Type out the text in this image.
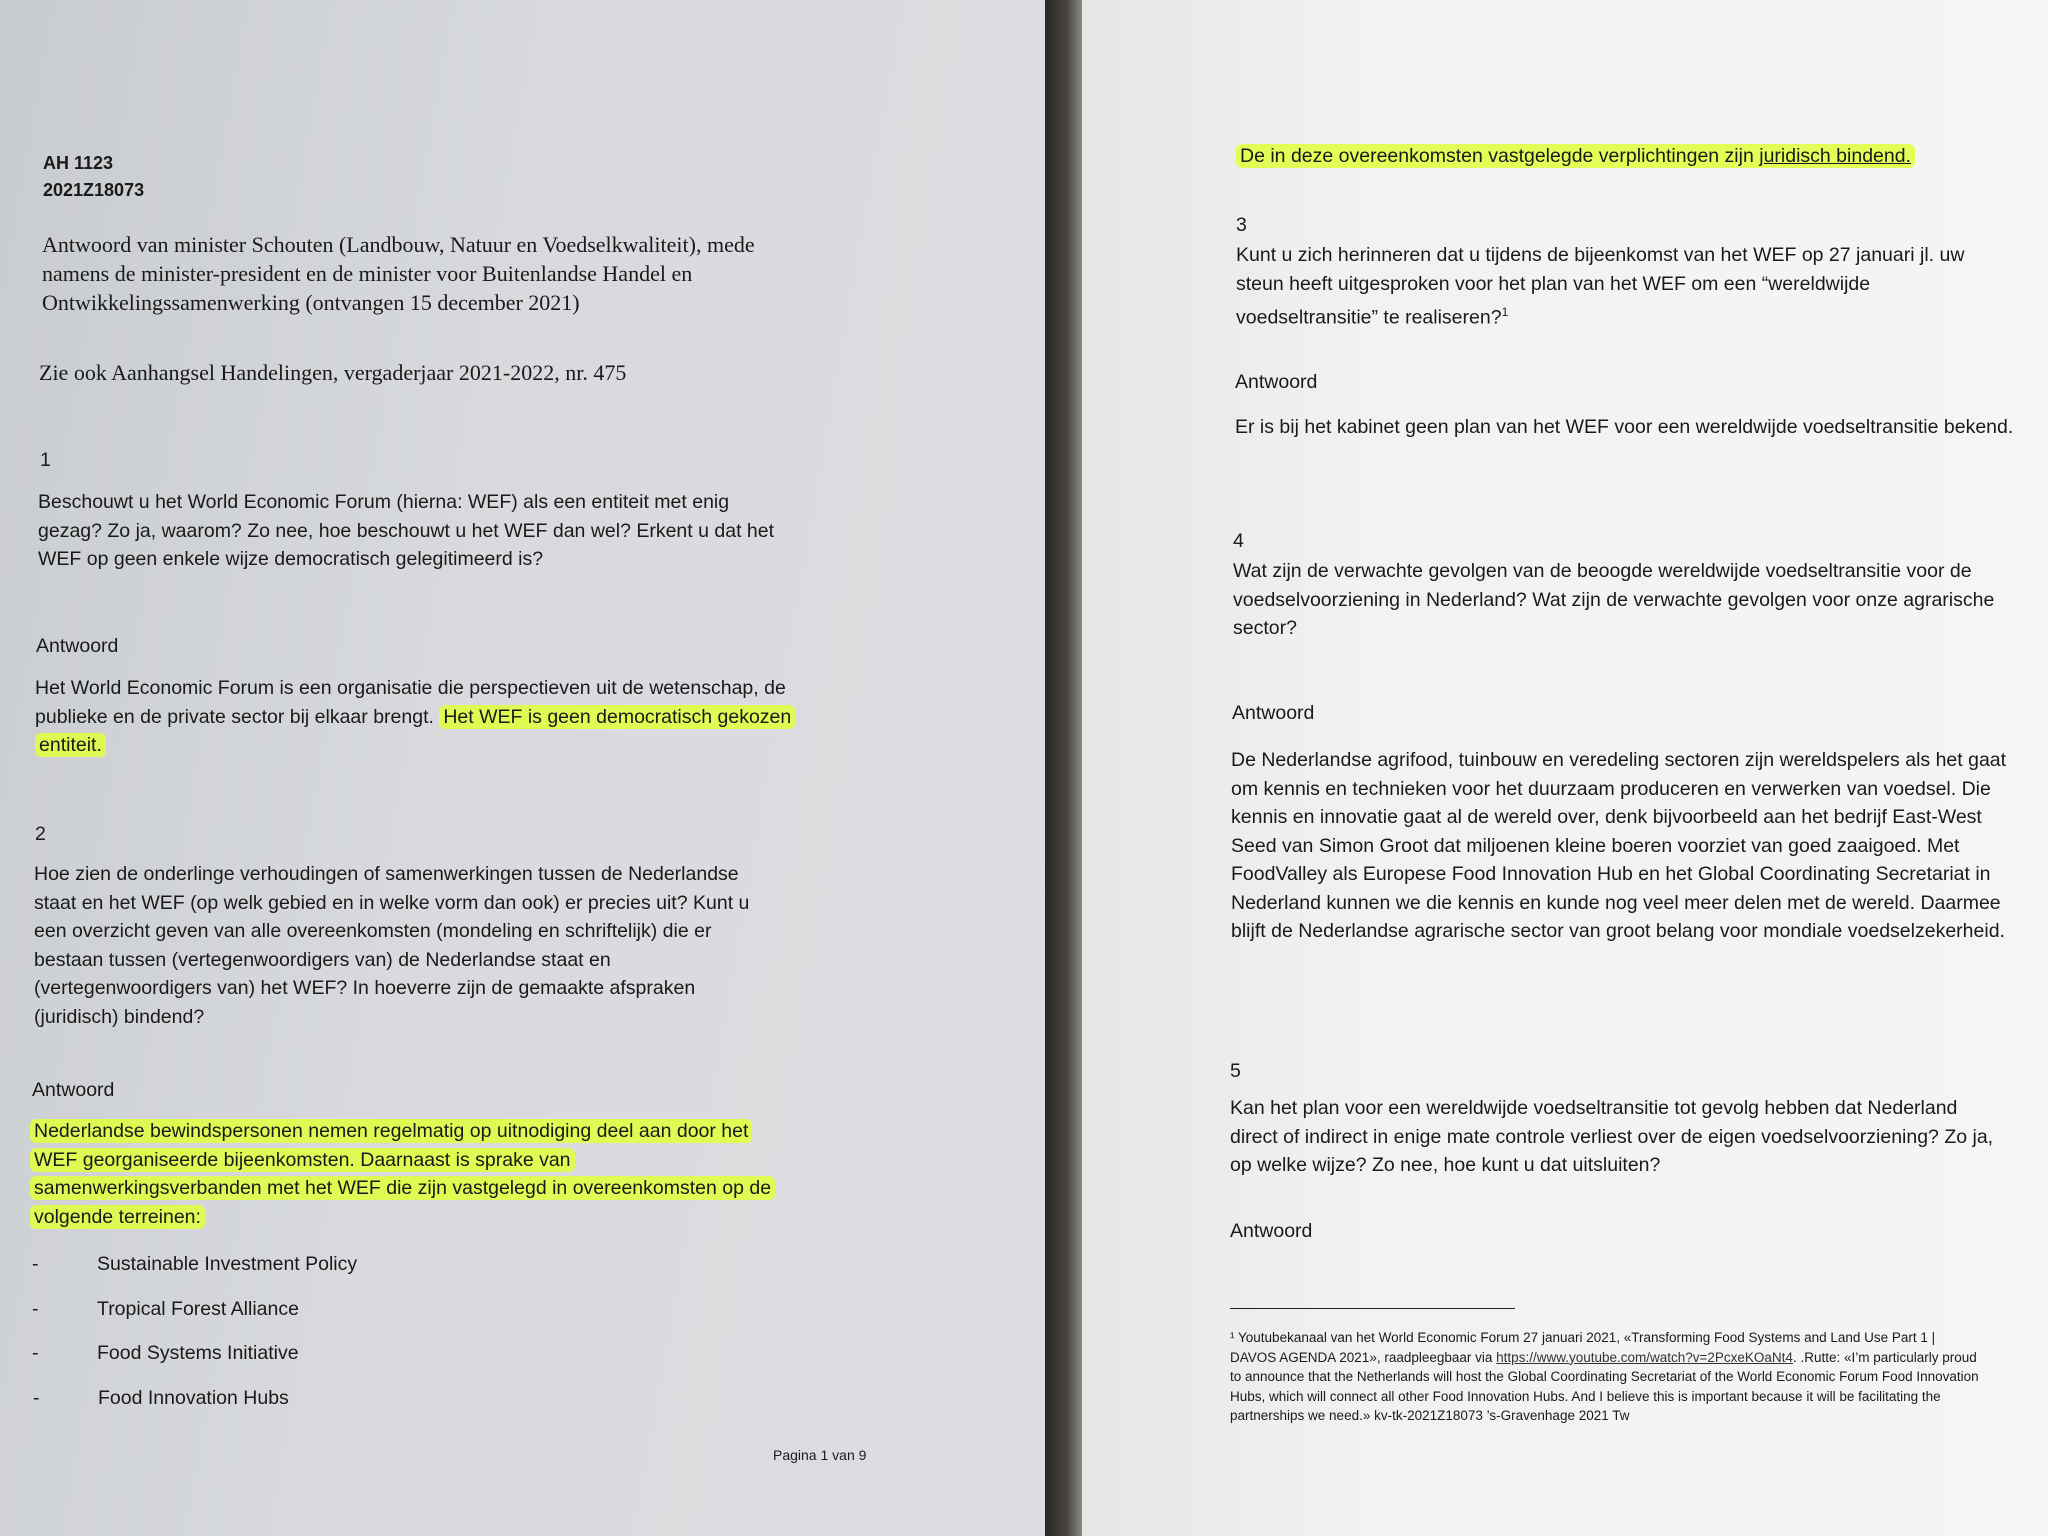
AH 1123
2021Z18073
Antwoord van minister Schouten (Landbouw, Natuur en Voedselkwaliteit), mede namens de minister-president en de minister voor Buitenlandse Handel en Ontwikkelingssamenwerking (ontvangen 15 december 2021)
Zie ook Aanhangsel Handelingen, vergaderjaar 2021-2022, nr. 475
1
Beschouwt u het World Economic Forum (hierna: WEF) als een entiteit met enig gezag? Zo ja, waarom? Zo nee, hoe beschouwt u het WEF dan wel? Erkent u dat het WEF op geen enkele wijze democratisch gelegitimeerd is?
Antwoord
Het World Economic Forum is een organisatie die perspectieven uit de wetenschap, de publieke en de private sector bij elkaar brengt. Het WEF is geen democratisch gekozen entiteit.
2
Hoe zien de onderlinge verhoudingen of samenwerkingen tussen de Nederlandse staat en het WEF (op welk gebied en in welke vorm dan ook) er precies uit? Kunt u een overzicht geven van alle overeenkomsten (mondeling en schriftelijk) die er bestaan tussen (vertegenwoordigers van) de Nederlandse staat en (vertegenwoordigers van) het WEF? In hoeverre zijn de gemaakte afspraken (juridisch) bindend?
Antwoord
Nederlandse bewindspersonen nemen regelmatig op uitnodiging deel aan door het WEF georganiseerde bijeenkomsten. Daarnaast is sprake van samenwerkingsverbanden met het WEF die zijn vastgelegd in overeenkomsten op de volgende terreinen:
-	Sustainable Investment Policy
-	Tropical Forest Alliance
-	Food Systems Initiative
-	Food Innovation Hubs
Pagina 1 van 9
De in deze overeenkomsten vastgelegde verplichtingen zijn juridisch bindend.
3
Kunt u zich herinneren dat u tijdens de bijeenkomst van het WEF op 27 januari jl. uw steun heeft uitgesproken voor het plan van het WEF om een “wereldwijde voedseltransitie” te realiseren?$^1$
Antwoord
Er is bij het kabinet geen plan van het WEF voor een wereldwijde voedseltransitie bekend.
4
Wat zijn de verwachte gevolgen van de beoogde wereldwijde voedseltransitie voor de voedselvoorziening in Nederland? Wat zijn de verwachte gevolgen voor onze agrarische sector?
Antwoord
De Nederlandse agrifood, tuinbouw en veredeling sectoren zijn wereldspelers als het gaat om kennis en technieken voor het duurzaam produceren en verwerken van voedsel. Die kennis en innovatie gaat al de wereld over, denk bijvoorbeeld aan het bedrijf East-West Seed van Simon Groot dat miljoenen kleine boeren voorziet van goed zaaigoed. Met FoodValley als Europese Food Innovation Hub en het Global Coordinating Secretariat in Nederland kunnen we die kennis en kunde nog veel meer delen met de wereld. Daarmee blijft de Nederlandse agrarische sector van groot belang voor mondiale voedselzekerheid.
5
Kan het plan voor een wereldwijde voedseltransitie tot gevolg hebben dat Nederland direct of indirect in enige mate controle verliest over de eigen voedselvoorziening? Zo ja, op welke wijze? Zo nee, hoe kunt u dat uitsluiten?
Antwoord
¹ Youtubekanaal van het World Economic Forum 27 januari 2021, «Transforming Food Systems and Land Use Part 1 | DAVOS AGENDA 2021», raadpleegbaar via https://www.youtube.com/watch?v=2PcxeKOaNt4. .Rutte: «I’m particularly proud to announce that the Netherlands will host the Global Coordinating Secretariat of the World Economic Forum Food Innovation Hubs, which will connect all other Food Innovation Hubs. And I believe this is important because it will be facilitating the partnerships we need.» kv-tk-2021Z18073 ’s-Gravenhage 2021 Tw
